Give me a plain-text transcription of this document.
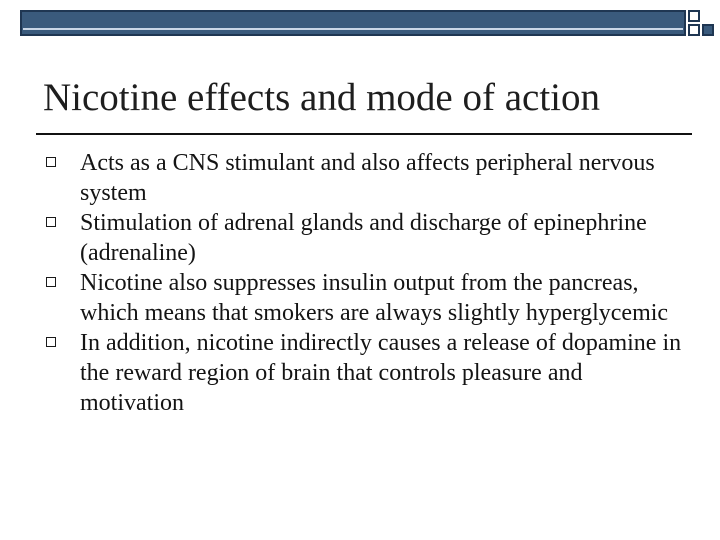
Nicotine effects and mode of action
Acts as a CNS stimulant and also affects peripheral nervous system
Stimulation of adrenal glands and discharge of epinephrine (adrenaline)
Nicotine also suppresses insulin output from the pancreas, which means that smokers are always slightly hyperglycemic
In addition, nicotine indirectly causes a release of dopamine in the reward region of brain that controls pleasure and motivation
